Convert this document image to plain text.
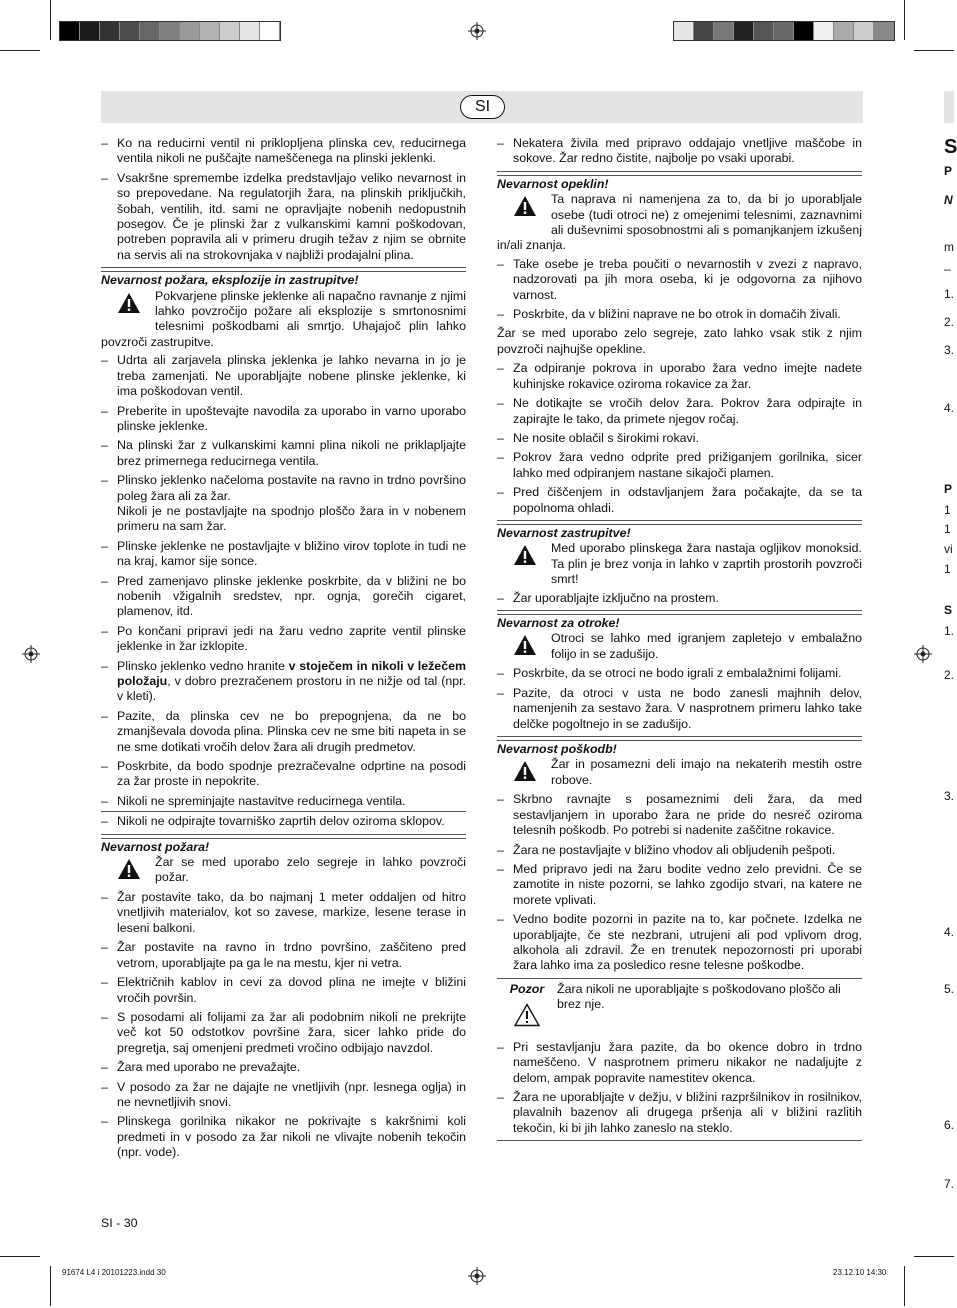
SI
– Ko na reducirni ventil ni priklopljena plinska cev, reducirnega ventila nikoli ne puščajte nameščenega na plinski jeklenki.
– Vsakršne spremembe izdelka predstavljajo veliko nevarnost in so prepovedane. Na regulatorjih žara, na plinskih priključkih, šobah, ventilih, itd. sami ne opravljajte nobenih nedopustnih posegov. Če je plinski žar z vulkanskimi kamni poškodovan, potreben popravila ali v primeru drugih težav z njim se obrnite na servis ali na strokovnjaka v najbliži prodajalni plina.
Nevarnost požara, eksplozije in zastrupitve!
Pokvarjene plinske jeklenke ali napačno ravnanje z njimi lahko povzročijo požare ali eksplozije s smrtonosnimi telesnimi poškodbami ali smrtjo. Uhajajoč plin lahko povzroči zastrupitve.
– Udrta ali zarjavela plinska jeklenka je lahko nevarna in jo je treba zamenjati. Ne uporabljajte nobene plinske jeklenke, ki ima poškodovan ventil.
– Preberite in upoštevajte navodila za uporabo in varno uporabo plinske jeklenke.
– Na plinski žar z vulkanskimi kamni plina nikoli ne priklapljajte brez primernega reducirnega ventila.
– Plinsko jeklenko načeloma postavite na ravno in trdno površino poleg žara ali za žar.
Nikoli je ne postavljajte na spodnjo ploščo žara in v nobenem primeru na sam žar.
– Plinske jeklenke ne postavljajte v bližino virov toplote in tudi ne na kraj, kamor sije sonce.
– Pred zamenjavo plinske jeklenke poskrbite, da v bližini ne bo nobenih vžigalnih sredstev, npr. ognja, gorečih cigaret, plamenov, itd.
– Po končani pripravi jedi na žaru vedno zaprite ventil plinske jeklenke in žar izklopite.
– Plinsko jeklenko vedno hranite v stoječem in nikoli v ležečem položaju, v dobro prezračenem prostoru in ne nižje od tal (npr. v kleti).
– Pazite, da plinska cev ne bo prepognjena, da ne bo zmanjševala dovoda plina. Plinska cev ne sme biti napeta in se ne sme dotikati vročih delov žara ali drugih predmetov.
– Poskrbite, da bodo spodnje prezračevalne odprtine na posodi za žar proste in nepokrite.
– Nikoli ne spreminjajte nastavitve reducirnega ventila.
– Nikoli ne odpirajte tovarniško zaprtih delov oziroma sklopov.
Nevarnost požara!
Žar se med uporabo zelo segreje in lahko povzroči požar.
– Žar postavite tako, da bo najmanj 1 meter oddaljen od hitro vnetljivih materialov, kot so zavese, markize, lesene terase in leseni balkoni.
– Žar postavite na ravno in trdno površino, zaščiteno pred vetrom, uporabljajte pa ga le na mestu, kjer ni vetra.
– Električnih kablov in cevi za dovod plina ne imejte v bližini vročih površin.
– S posodami ali folijami za žar ali podobnim nikoli ne prekrijte več kot 50 odstotkov površine žara, sicer lahko pride do pregretja, saj omenjeni predmeti vročino odbijajo navzdol.
– Žara med uporabo ne prevažajte.
– V posodo za žar ne dajajte ne vnetljivih (npr. lesnega oglja) in ne nevnetljivih snovi.
– Plinskega gorilnika nikakor ne pokrivajte s kakršnimi koli predmeti in v posodo za žar nikoli ne vlivajte nobenih tekočin (npr. vode).
– Nekatera živila med pripravo oddajajo vnetljive maščobe in sokove. Žar redno čistite, najbolje po vsaki uporabi.
Nevarnost opeklin!
Ta naprava ni namenjena za to, da bi jo uporabljale osebe (tudi otroci ne) z omejenimi telesnimi, zaznavnimi ali duševnimi sposobnostmi ali s pomanjkanjem izkušenj in/ali znanja.
– Take osebe je treba poučiti o nevarnostih v zvezi z napravo, nadzorovati pa jih mora oseba, ki je odgovorna za njihovo varnost.
– Poskrbite, da v bližini naprave ne bo otrok in domačih živali.
Žar se med uporabo zelo segreje, zato lahko vsak stik z njim povzroči najhujše opekline.
– Za odpiranje pokrova in uporabo žara vedno imejte nadete kuhinjske rokavice oziroma rokavice za žar.
– Ne dotikajte se vročih delov žara. Pokrov žara odpirajte in zapirajte le tako, da primete njegov ročaj.
– Ne nosite oblačil s širokimi rokavi.
– Pokrov žara vedno odprite pred prižiganjem gorilnika, sicer lahko med odpiranjem nastane sikajoči plamen.
– Pred čiščenjem in odstavljanjem žara počakajte, da se ta popolnoma ohladi.
Nevarnost zastrupitve!
Med uporabo plinskega žara nastaja ogljikov monoksid. Ta plin je brez vonja in lahko v zaprtih prostorih povzroči smrt!
– Žar uporabljajte izključno na prostem.
Nevarnost za otroke!
Otroci se lahko med igranjem zapletejo v embalažno folijo in se zadušijo.
– Poskrbite, da se otroci ne bodo igrali z embalažnimi folijami.
– Pazite, da otroci v usta ne bodo zanesli majhnih delov, namenjenih za sestavo žara. V nasprotnem primeru lahko take delčke pogoltnejo in se zadušijo.
Nevarnost poškodb!
Žar in posamezni deli imajo na nekaterih mestih ostre robove.
– Skrbno ravnajte s posameznimi deli žara, da med sestavljanjem in uporabo žara ne pride do nesreč oziroma telesnih poškodb. Po potrebi si nadenite zaščitne rokavice.
– Žara ne postavljajte v bližino vhodov ali obljudenih pešpoti.
– Med pripravo jedi na žaru bodite vedno zelo previdni. Če se zamotite in niste pozorni, se lahko zgodijo stvari, na katere ne morete vplivati.
– Vedno bodite pozorni in pazite na to, kar počnete. Izdelka ne uporabljajte, če ste nezbrani, utrujeni ali pod vplivom drog, alkohola ali zdravil. Že en trenutek nepozornosti pri uporabi žara lahko ima za posledico resne telesne poškodbe.
Pozor	Žara nikoli ne uporabljajte s poškodovano ploščo ali brez nje.
– Pri sestavljanju žara pazite, da bo okence dobro in trdno nameščeno. V nasprotnem primeru nikakor ne nadaljujte z delom, ampak popravite namestitev okenca.
– Žara ne uporabljajte v dežju, v bližini razpršilnikov in rosilnikov, plavalnih bazenov ali drugega pršenja ali v bližini razlitih tekočin, ki bi jih lahko zaneslo na steklo.
SI - 30
91674 L4 i 20101223.indd 30	23.12.10 14:30
S
P
N
m
–
1.
2.
3.
4.
P
1
1
vi
1
S
1.
2.
3.
4.
5.
6.
7.
